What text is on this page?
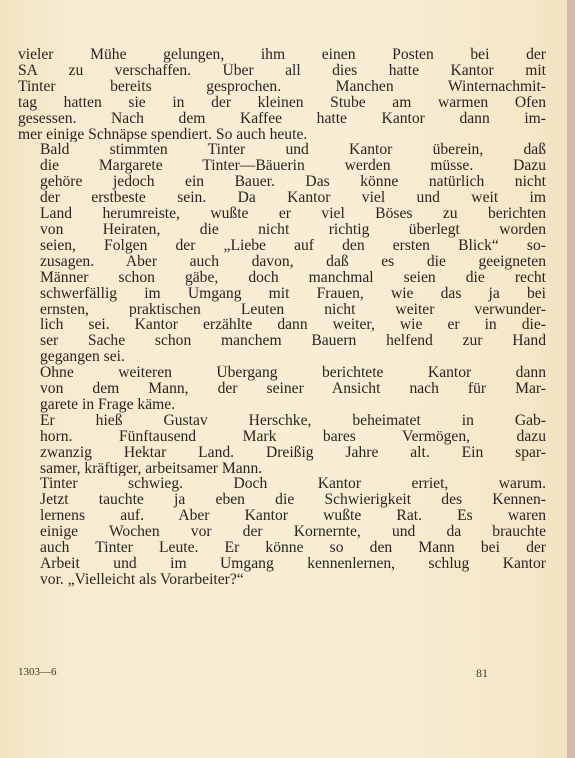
vieler Mühe gelungen, ihm einen Posten bei der
SA zu verschaffen. Über all dies hatte Kantor mit
Tinter bereits gesprochen. Manchen Winternachmit-
tag hatten sie in der kleinen Stube am warmen Ofen
gesessen. Nach dem Kaffee hatte Kantor dann im-
mer einige Schnäpse spendiert. So auch heute.
Bald stimmten Tinter und Kantor überein, daß
die Margarete Tinter—Bäuerin werden müsse. Dazu
gehöre jedoch ein Bauer. Das könne natürlich nicht
der erstbeste sein. Da Kantor viel und weit im
Land herumreiste, wußte er viel Böses zu berichten
von Heiraten, die nicht richtig überlegt worden
seien, Folgen der „Liebe auf den ersten Blick“ so-
zusagen. Aber auch davon, daß es die geeigneten
Männer schon gäbe, doch manchmal seien die recht
schwerfällig im Umgang mit Frauen, wie das ja bei
ernsten, praktischen Leuten nicht weiter verwunder-
lich sei. Kantor erzählte dann weiter, wie er in die-
ser Sache schon manchem Bauern helfend zur Hand
gegangen sei.
Ohne weiteren Übergang berichtete Kantor dann
von dem Mann, der seiner Ansicht nach für Mar-
garete in Frage käme.
Er hieß Gustav Herschke, beheimatet in Gab-
horn. Fünftausend Mark bares Vermögen, dazu
zwanzig Hektar Land. Dreißig Jahre alt. Ein spar-
samer, kräftiger, arbeitsamer Mann.
Tinter schwieg. Doch Kantor erriet, warum.
Jetzt tauchte ja eben die Schwierigkeit des Kennen-
lernens auf. Aber Kantor wußte Rat. Es waren
einige Wochen vor der Kornernte, und da brauchte
auch Tinter Leute. Er könne so den Mann bei der
Arbeit und im Umgang kennenlernen, schlug Kantor
vor. „Vielleicht als Vorarbeiter?“
1303—6	81
